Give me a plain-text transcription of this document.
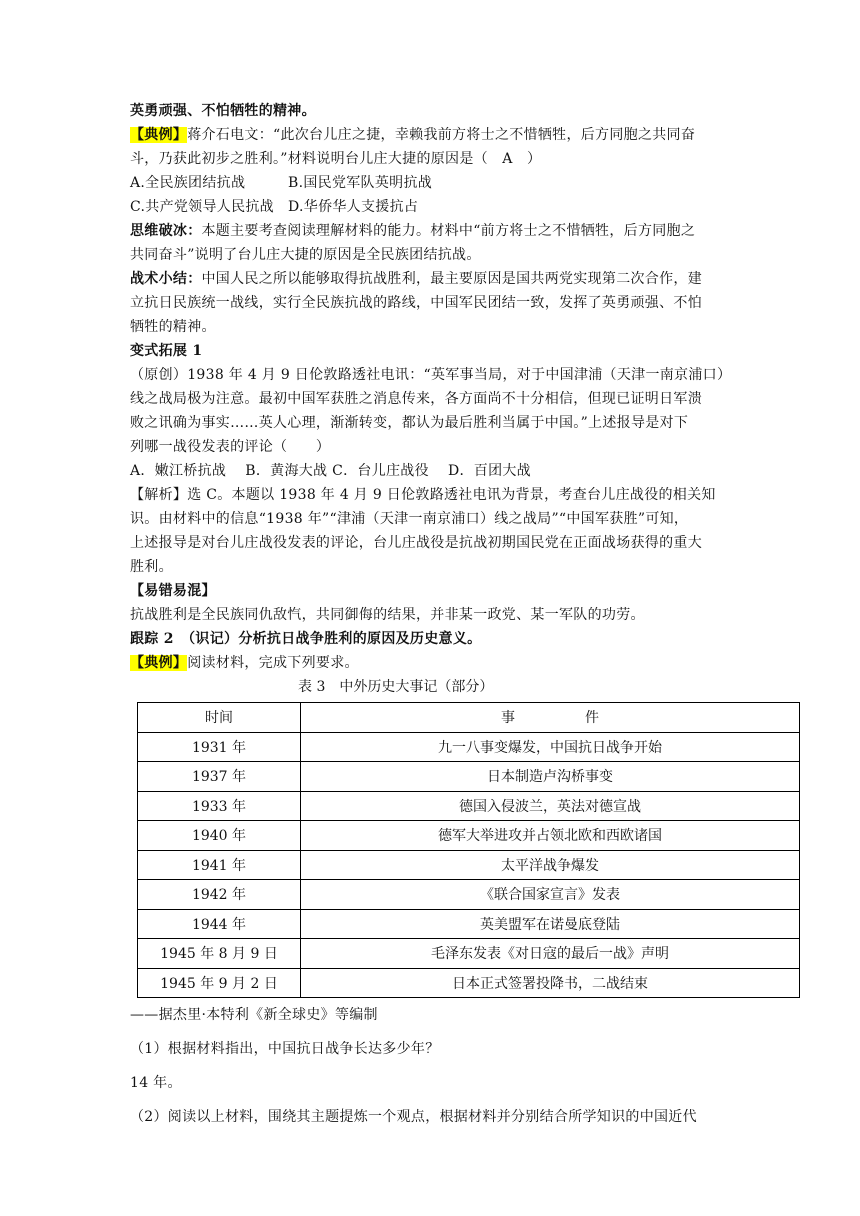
英勇顽强、不怕牺牲的精神。
【典例】蒋介石电文：“此次台儿庄之捷，幸赖我前方将士之不惜牺牲，后方同胞之共同奋
斗，乃获此初步之胜利。”材料说明台儿庄大捷的原因是（　A　）
A.全民族团结抗战	B.国民党军队英明抗战
C.共产党领导人民抗战	D.华侨华人支援抗占
思维破冰：本题主要考查阅读理解材料的能力。材料中“前方将士之不惜牺牲，后方同胞之
共同奋斗”说明了台儿庄大捷的原因是全民族团结抗战。
战术小结：中国人民之所以能够取得抗战胜利，最主要原因是国共两党实现第二次合作，建
立抗日民族统一战线，实行全民族抗战的路线，中国军民团结一致，发挥了英勇顽强、不怕
牺牲的精神。
变式拓展 1
（原创）1938 年 4 月 9 日伦敦路透社电讯：“英军事当局，对于中国津浦（天津一南京浦口）
线之战局极为注意。最初中国军获胜之消息传来，各方面尚不十分相信，但现已证明日军溃
败之讯确为事实……英人心理，渐渐转变，都认为最后胜利当属于中国。”上述报导是对下
列哪一战役发表的评论（　　）
A．嫩江桥抗战　 B．黄海大战 C．台儿庄战役　 D．百团大战
【解析】选 C。本题以 1938 年 4 月 9 日伦敦路透社电讯为背景，考查台儿庄战役的相关知
识。由材料中的信息“1938 年”“津浦（天津一南京浦口）线之战局”“中国军获胜”可知，
上述报导是对台儿庄战役发表的评论，台儿庄战役是抗战初期国民党在正面战场获得的重大
胜利。
【易错易混】
抗战胜利是全民族同仇敌忾，共同御侮的结果，并非某一政党、某一军队的功劳。
跟踪 2　（识记）分析抗日战争胜利的原因及历史意义。
【典例】阅读材料，完成下列要求。
表 3　中外历史大事记（部分）
时间	事　　　　　件
1931 年	九一八事变爆发，中国抗日战争开始
1937 年	日本制造卢沟桥事变
1933 年	德国入侵波兰，英法对德宣战
1940 年	德军大举进攻并占领北欧和西欧诸国
1941 年	太平洋战争爆发
1942 年	《联合国家宣言》发表
1944 年	英美盟军在诺曼底登陆
1945 年 8 月 9 日	毛泽东发表《对日寇的最后一战》声明
1945 年 9 月 2 日	日本正式签署投降书，二战结束
——据杰里·本特利《新全球史》等编制
（1）根据材料指出，中国抗日战争长达多少年？
14 年。
（2）阅读以上材料，围绕其主题提炼一个观点，根据材料并分别结合所学知识的中国近代
